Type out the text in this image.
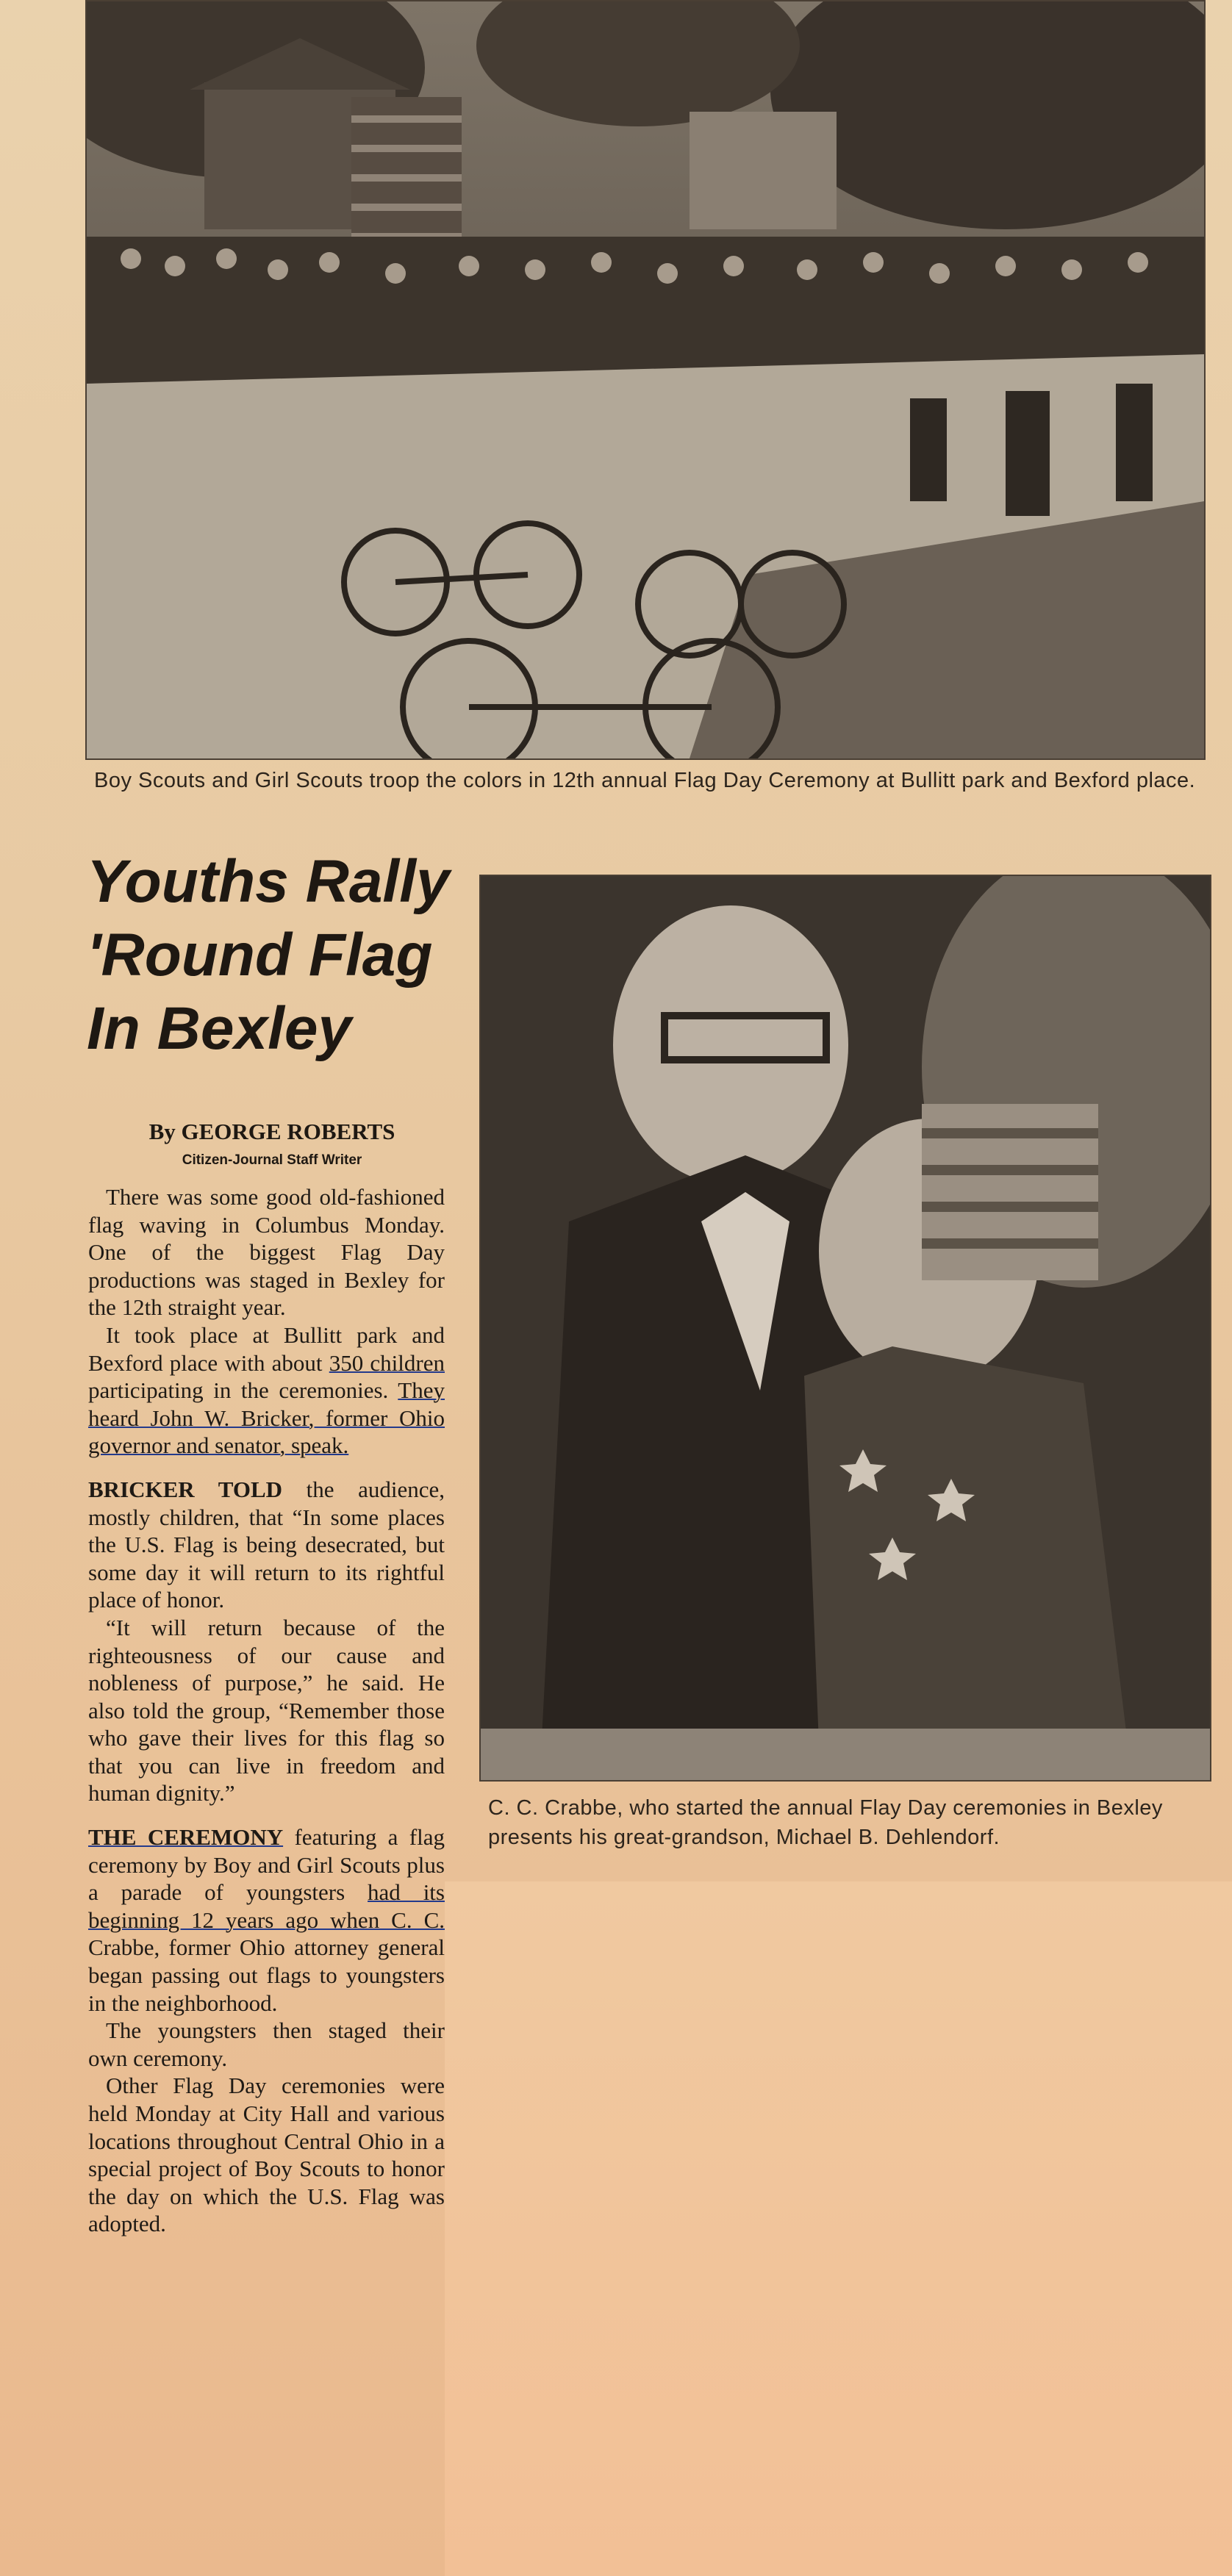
Boy Scouts and Girl Scouts troop the colors in 12th annual Flag Day Ceremony at Bullitt park and Bexford place.
Youths Rally
'Round Flag
In Bexley
By GEORGE ROBERTS
Citizen-Journal Staff Writer
C. C. Crabbe, who started the annual Flay Day ceremonies in Bexley presents his great-grandson, Michael B. Dehlendorf.

There was some good old-fashioned flag waving in Columbus Monday. One of the biggest Flag Day productions was staged in Bexley for the 12th straight year.

It took place at Bullitt park and Bexford place with about 350 children participating in the ceremonies. They heard John W. Bricker, former Ohio governor and senator, speak.

BRICKER TOLD the audience, mostly children, that “In some places the U.S. Flag is being desecrated, but some day it will return to its rightful place of honor.

“It will return because of the righteousness of our cause and nobleness of purpose,” he said. He also told the group, “Remember those who gave their lives for this flag so that you can live in freedom and human dignity.”

THE CEREMONY featuring a flag ceremony by Boy and Girl Scouts plus a parade of youngsters had its beginning 12 years ago when C. C. Crabbe, former Ohio attorney general began passing out flags to youngsters in the neighborhood.

The youngsters then staged their own ceremony.

Other Flag Day ceremonies were held Monday at City Hall and various locations throughout Central Ohio in a special project of Boy Scouts to honor the day on which the U.S. Flag was adopted.
